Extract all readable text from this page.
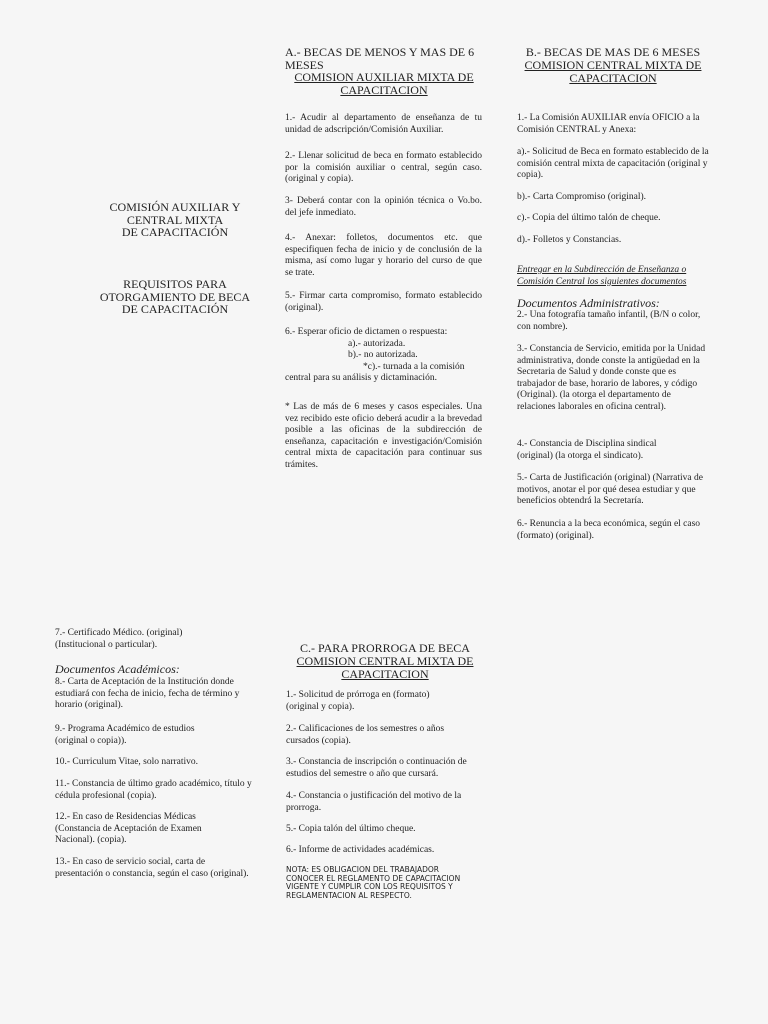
COMISIÓN AUXILIAR Y
CENTRAL MIXTA
DE CAPACITACIÓN
REQUISITOS PARA
OTORGAMIENTO DE BECA
DE CAPACITACIÓN
A.- BECAS DE MENOS Y MAS DE 6
MESES
COMISION AUXILIAR MIXTA DE
CAPACITACION
1.- Acudir al departamento de enseñanza de tu unidad de adscripción/Comisión Auxiliar.
2.- Llenar solicitud de beca en formato establecido por la comisión auxiliar o central, según caso. (original y copia).
3- Deberá contar con la opinión técnica o Vo.bo. del jefe inmediato.
4.- Anexar: folletos, documentos etc. que especifiquen fecha de inicio y de conclusión de la misma, así como lugar y horario del curso de que se trate.
5.- Firmar carta compromiso, formato establecido (original).
6.- Esperar oficio de dictamen o respuesta:
a).- autorizada.
b).- no autorizada.
*c).- turnada a la comisión
central para su análisis y dictaminación.
* Las de más de 6 meses y casos especiales. Una vez recibido este oficio deberá acudir a la brevedad posible a las oficinas de la subdirección de enseñanza, capacitación e investigación/Comisión central mixta de capacitación para continuar sus trámites.
B.- BECAS DE MAS DE 6 MESES
COMISION CENTRAL MIXTA DE
CAPACITACION
1.- La Comisión AUXILIAR envía OFICIO a la Comisión CENTRAL y Anexa:
a).- Solicitud de Beca en formato establecido de la comisión central mixta de capacitación (original y copia).
b).- Carta Compromiso (original).
c).- Copia del último talón de cheque.
d).- Folletos y Constancias.
Entregar en la Subdirección de Enseñanza o Comisión Central los siguientes documentos
Documentos Administrativos:
2.- Una fotografía tamaño infantil, (B/N o color, con nombre).
3.- Constancia de Servicio, emitida por la Unidad administrativa, donde conste la antigüedad en la Secretaria de Salud y donde conste que es trabajador de base, horario de labores, y código (Original). (la otorga el departamento de relaciones laborales en oficina central).
4.- Constancia de Disciplina sindical (original) (la otorga el sindicato).
5.- Carta de Justificación (original) (Narrativa de motivos, anotar el por qué desea estudiar y que beneficios obtendrá la Secretaría.
6.- Renuncia a la beca económica, según el caso (formato) (original).
7.- Certificado Médico. (original) (Institucional o particular).
Documentos Académicos:
8.- Carta de Aceptación de la Institución donde estudiará con fecha de inicio, fecha de término y horario (original).
9.- Programa Académico de estudios (original o copia)).
10.- Curriculum Vitae, solo narrativo.
11.- Constancia de último grado académico, título y cédula profesional (copia).
12.- En caso de Residencias Médicas (Constancia de Aceptación de Examen Nacional). (copia).
13.- En caso de servicio social, carta de presentación o constancia, según el caso (original).
C.- PARA PRORROGA DE BECA
COMISION CENTRAL MIXTA DE
CAPACITACION
1.- Solicitud de prórroga en (formato) (original y copia).
2.- Calificaciones de los semestres o años cursados (copia).
3.- Constancia de inscripción o continuación de estudios del semestre o año que cursará.
4.- Constancia o justificación del motivo de la prorroga.
5.- Copia talón del último cheque.
6.- Informe de actividades académicas.
NOTA: ES OBLIGACION DEL TRABAJADOR CONOCER EL REGLAMENTO DE CAPACITACION VIGENTE Y CUMPLIR CON LOS REQUISITOS Y REGLAMENTACION AL RESPECTO.
